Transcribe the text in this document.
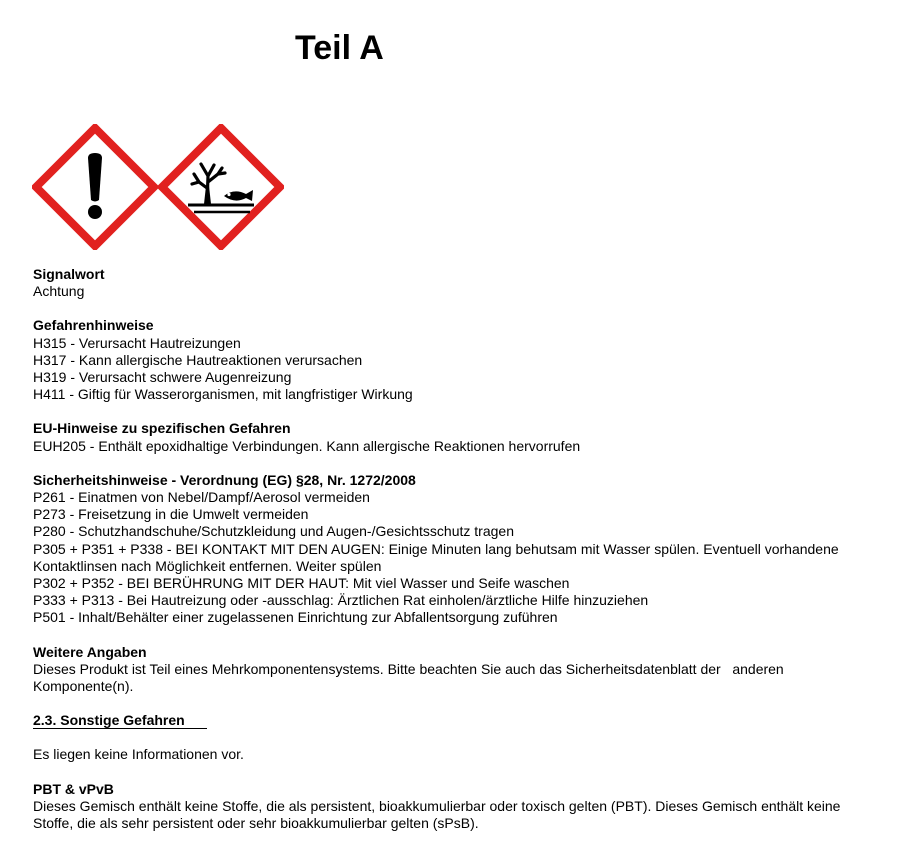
Teil A
Signalwort
Achtung
Gefahrenhinweise
H315 - Verursacht Hautreizungen
H317 - Kann allergische Hautreaktionen verursachen
H319 - Verursacht schwere Augenreizung
H411 - Giftig für Wasserorganismen, mit langfristiger Wirkung
EU-Hinweise zu spezifischen Gefahren
EUH205 - Enthält epoxidhaltige Verbindungen. Kann allergische Reaktionen hervorrufen
Sicherheitshinweise - Verordnung (EG) §28, Nr. 1272/2008
P261 - Einatmen von Nebel/Dampf/Aerosol vermeiden
P273 - Freisetzung in die Umwelt vermeiden
P280 - Schutzhandschuhe/Schutzkleidung und Augen-/Gesichtsschutz tragen
P305 + P351 + P338 - BEI KONTAKT MIT DEN AUGEN: Einige Minuten lang behutsam mit Wasser spülen. Eventuell vorhandene Kontaktlinsen nach Möglichkeit entfernen. Weiter spülen
P302 + P352 - BEI BERÜHRUNG MIT DER HAUT: Mit viel Wasser und Seife waschen
P333 + P313 - Bei Hautreizung oder -ausschlag: Ärztlichen Rat einholen/ärztliche Hilfe hinzuziehen
P501 - Inhalt/Behälter einer zugelassenen Einrichtung zur Abfallentsorgung zuführen
Weitere Angaben
Dieses Produkt ist Teil eines Mehrkomponentensystems. Bitte beachten Sie auch das Sicherheitsdatenblatt der   anderen Komponente(n).
2.3. Sonstige Gefahren
Es liegen keine Informationen vor.
PBT & vPvB
Dieses Gemisch enthält keine Stoffe, die als persistent, bioakkumulierbar oder toxisch gelten (PBT). Dieses Gemisch enthält keine Stoffe, die als sehr persistent oder sehr bioakkumulierbar gelten (sPsB).
